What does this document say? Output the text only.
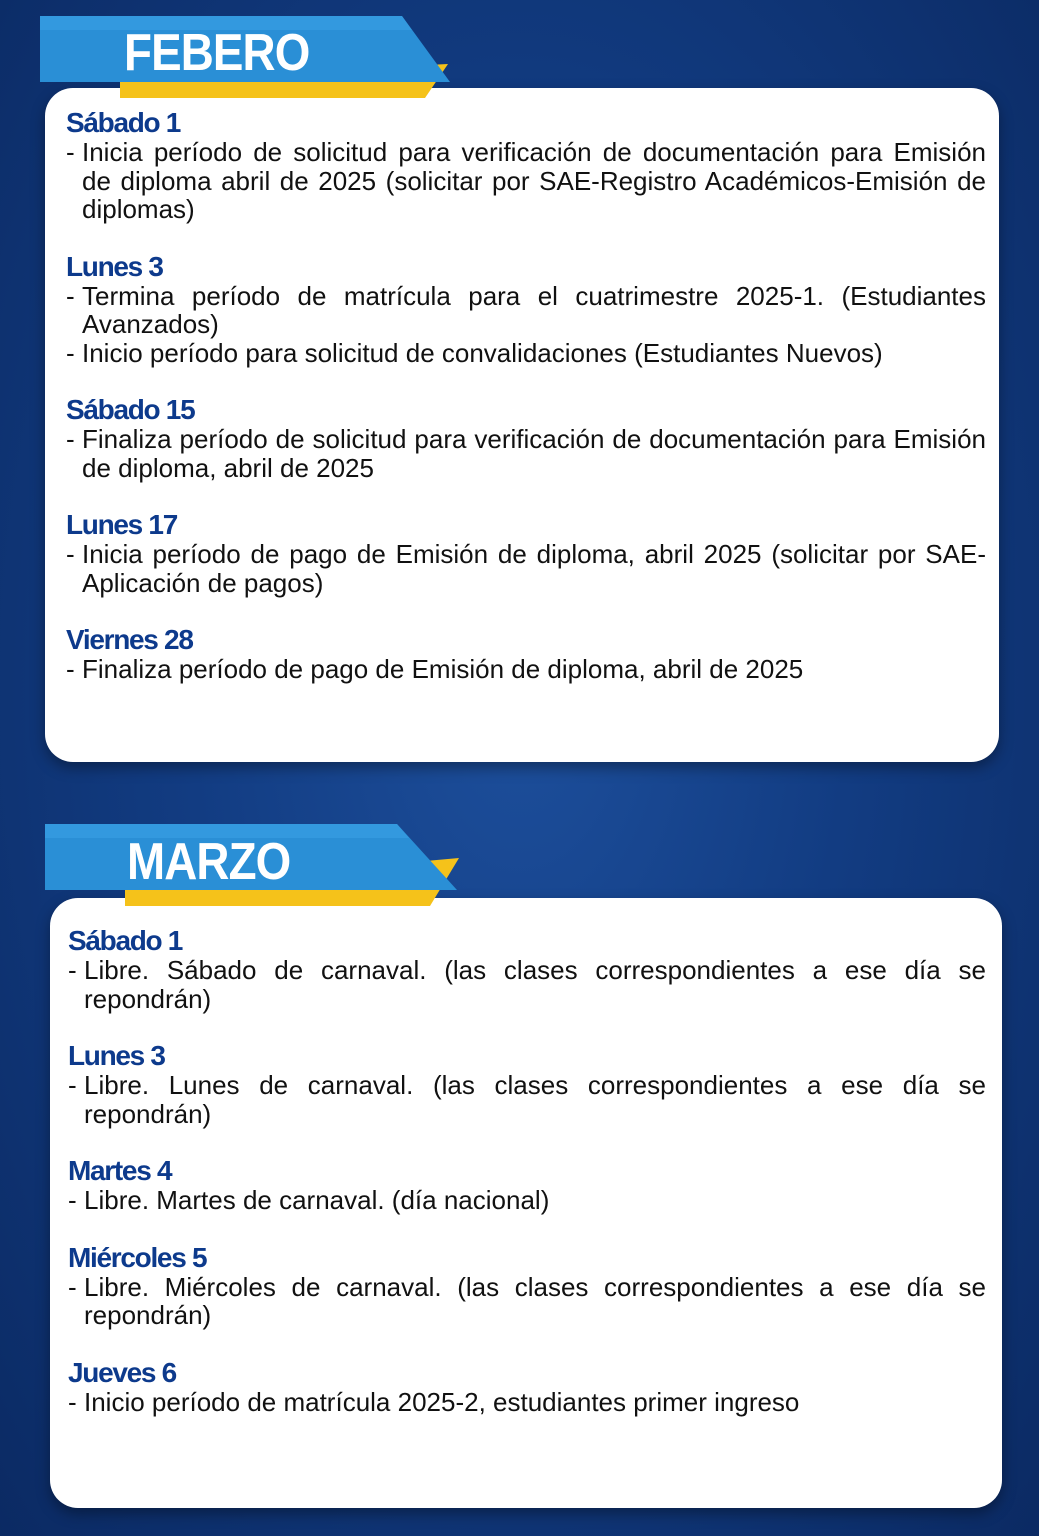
FEBERO

Sábado 1

- Inicia período de solicitud para verificación de documentación para Emisión de diploma abril de 2025 (solicitar por SAE-Registro Académicos-Emisión de diplomas)

Lunes 3

- Termina período de matrícula para el cuatrimestre 2025-1. (Estudiantes Avanzados)

- Inicio período para solicitud de convalidaciones (Estudiantes Nuevos)

Sábado 15

- Finaliza período de solicitud para verificación de documentación para Emisión de diploma, abril de 2025

Lunes 17

- Inicia período de pago de Emisión de diploma, abril 2025 (solicitar por SAE-Aplicación de pagos)

Viernes 28

- Finaliza período de pago de Emisión de diploma, abril de 2025

MARZO

Sábado 1

- Libre. Sábado de carnaval. (las clases correspondientes a ese día se repondrán)

Lunes 3

- Libre. Lunes de carnaval. (las clases correspondientes a ese día se repondrán)

Martes 4

- Libre. Martes de carnaval. (día nacional)

Miércoles 5

- Libre. Miércoles de carnaval. (las clases correspondientes a ese día se repondrán)

Jueves 6

- Inicio período de matrícula 2025-2, estudiantes primer ingreso
